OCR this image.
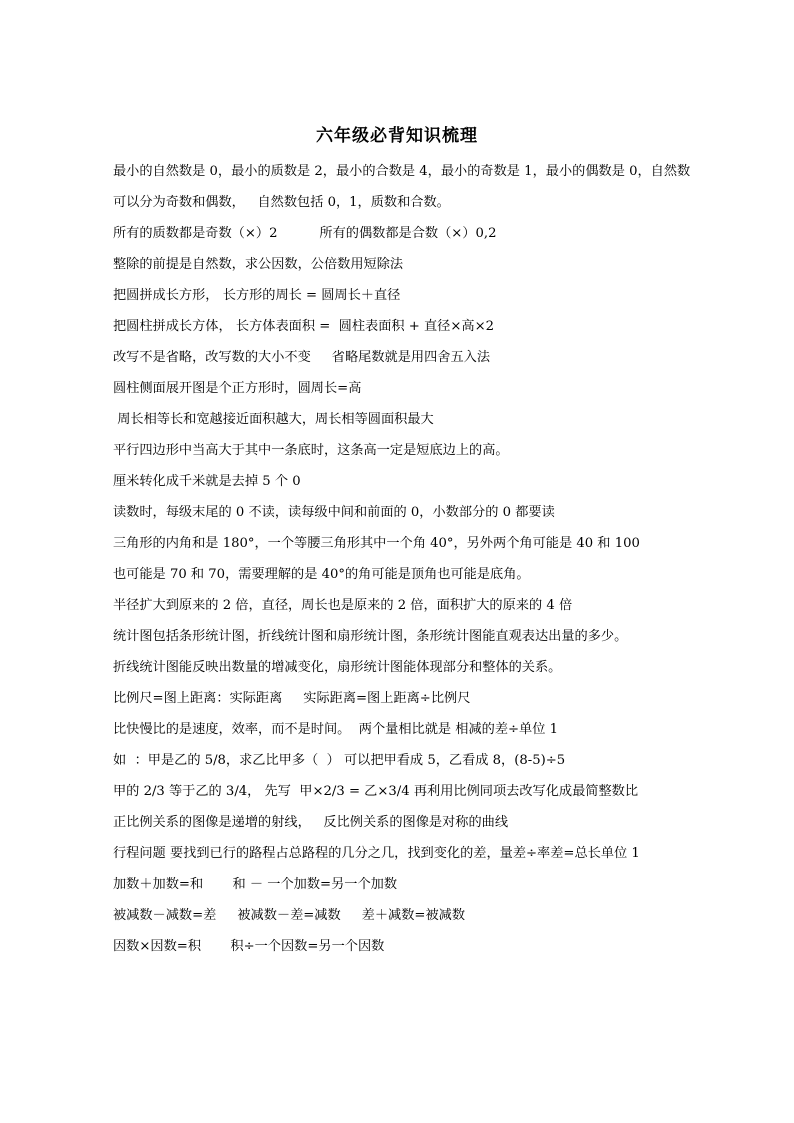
六年级必背知识梳理
最小的自然数是 0，最小的质数是 2，最小的合数是 4，最小的奇数是 1，最小的偶数是 0，自然数
可以分为奇数和偶数，   自然数包括 0，1，质数和合数。
所有的质数都是奇数（×）2          所有的偶数都是合数（×）0,2
整除的前提是自然数，求公因数，公倍数用短除法
把圆拼成长方形， 长方形的周长 = 圆周长＋直径
把圆柱拼成长方体， 长方体表面积 =  圆柱表面积 + 直径×高×2
改写不是省略，改写数的大小不变     省略尾数就是用四舍五入法
圆柱侧面展开图是个正方形时，圆周长=高
周长相等长和宽越接近面积越大，周长相等圆面积最大
平行四边形中当高大于其中一条底时，这条高一定是短底边上的高。
厘米转化成千米就是去掉 5 个 0
读数时，每级末尾的 0 不读，读每级中间和前面的 0，小数部分的 0 都要读
三角形的内角和是 180°，一个等腰三角形其中一个角 40°，另外两个角可能是 40 和 100
也可能是 70 和 70，需要理解的是 40°的角可能是顶角也可能是底角。
半径扩大到原来的 2 倍，直径，周长也是原来的 2 倍，面积扩大的原来的 4 倍
统计图包括条形统计图，折线统计图和扇形统计图，条形统计图能直观表达出量的多少。
折线统计图能反映出数量的增减变化，扇形统计图能体现部分和整体的关系。
比例尺=图上距离：实际距离     实际距离=图上距离÷比例尺
比快慢比的是速度，效率，而不是时间。  两个量相比就是 相减的差÷单位 1
如  ：甲是乙的 5/8，求乙比甲多（  ） 可以把甲看成 5，乙看成 8，(8-5)÷5
甲的 2/3 等于乙的 3/4， 先写  甲×2/3 = 乙×3/4 再利用比例同项去改写化成最简整数比
正比例关系的图像是递增的射线，   反比例关系的图像是对称的曲线
行程问题 要找到已行的路程占总路程的几分之几，找到变化的差，量差÷率差=总长单位 1
加数＋加数=和       和 － 一个加数=另一个加数
被减数－减数=差     被减数－差=减数     差＋减数=被减数
因数×因数=积       积÷一个因数=另一个因数
